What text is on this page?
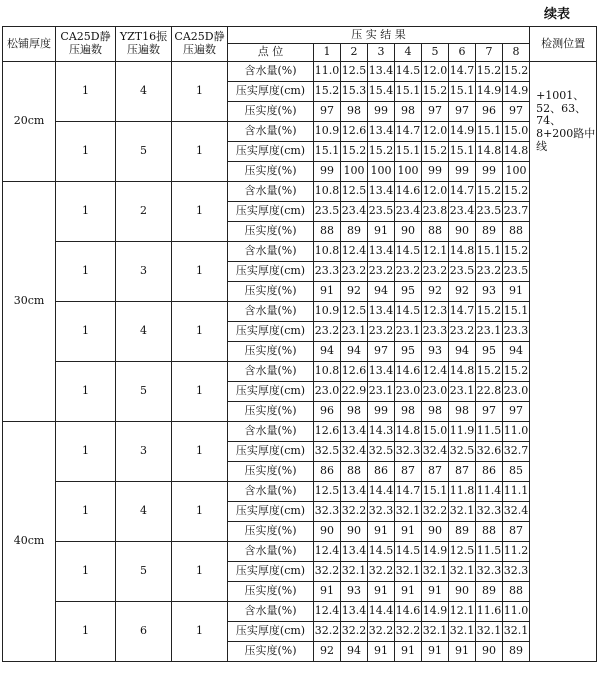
续表
松铺厚度	CA25D静压遍数	YZT16振压遍数	CA25D静压遍数	压 实 结 果									检测位置
				点 位	1	2	3	4	5	6	7	8	
20cm	1	4	1	含水量(%)	11.0	12.5	13.4	14.5	12.0	14.7	15.2	15.2	+1001、52、63、74、8+200路中线
				压实厚度(cm)	15.2	15.3	15.4	15.1	15.2	15.1	14.9	14.9	
				压实度(%)	97	98	99	98	97	97	96	97	
	1	5	1	含水量(%)	10.9	12.6	13.4	14.7	12.0	14.9	15.1	15.0	
				压实厚度(cm)	15.1	15.2	15.2	15.1	15.2	15.1	14.8	14.8	
				压实度(%)	99	100	100	100	99	99	99	100	
30cm	1	2	1	含水量(%)	10.8	12.5	13.4	14.6	12.0	14.7	15.2	15.2	
				压实厚度(cm)	23.5	23.4	23.5	23.4	23.8	23.4	23.5	23.7	
				压实度(%)	88	89	91	90	88	90	89	88	
	1	3	1	含水量(%)	10.8	12.4	13.4	14.5	12.1	14.8	15.1	15.2	
				压实厚度(cm)	23.3	23.2	23.2	23.2	23.2	23.5	23.2	23.5	
				压实度(%)	91	92	94	95	92	92	93	91	
	1	4	1	含水量(%)	10.9	12.5	13.4	14.5	12.3	14.7	15.2	15.1	
				压实厚度(cm)	23.2	23.1	23.2	23.1	23.3	23.2	23.1	23.3	
				压实度(%)	94	94	97	95	93	94	95	94	
	1	5	1	含水量(%)	10.8	12.6	13.4	14.6	12.4	14.8	15.2	15.2	
				压实厚度(cm)	23.0	22.9	23.1	23.0	23.0	23.1	22.8	23.0	
				压实度(%)	96	98	99	98	98	98	97	97	
40cm	1	3	1	含水量(%)	12.6	13.4	14.3	14.8	15.0	11.9	11.5	11.0	
				压实厚度(cm)	32.5	32.4	32.5	32.3	32.4	32.5	32.6	32.7	
				压实度(%)	86	88	86	87	87	87	86	85	
	1	4	1	含水量(%)	12.5	13.4	14.4	14.7	15.1	11.8	11.4	11.1	
				压实厚度(cm)	32.3	32.2	32.3	32.1	32.2	32.1	32.3	32.4	
				压实度(%)	90	90	91	91	90	89	88	87	
	1	5	1	含水量(%)	12.4	13.4	14.5	14.5	14.9	12.5	11.5	11.2	
				压实厚度(cm)	32.2	32.1	32.2	32.1	32.1	32.1	32.3	32.3	
				压实度(%)	91	93	91	91	91	90	89	88	
	1	6	1	含水量(%)	12.4	13.4	14.4	14.6	14.9	12.1	11.6	11.0	
				压实厚度(cm)	32.2	32.2	32.2	32.2	32.1	32.1	32.1	32.1	
				压实度(%)	92	94	91	91	91	91	90	89	
